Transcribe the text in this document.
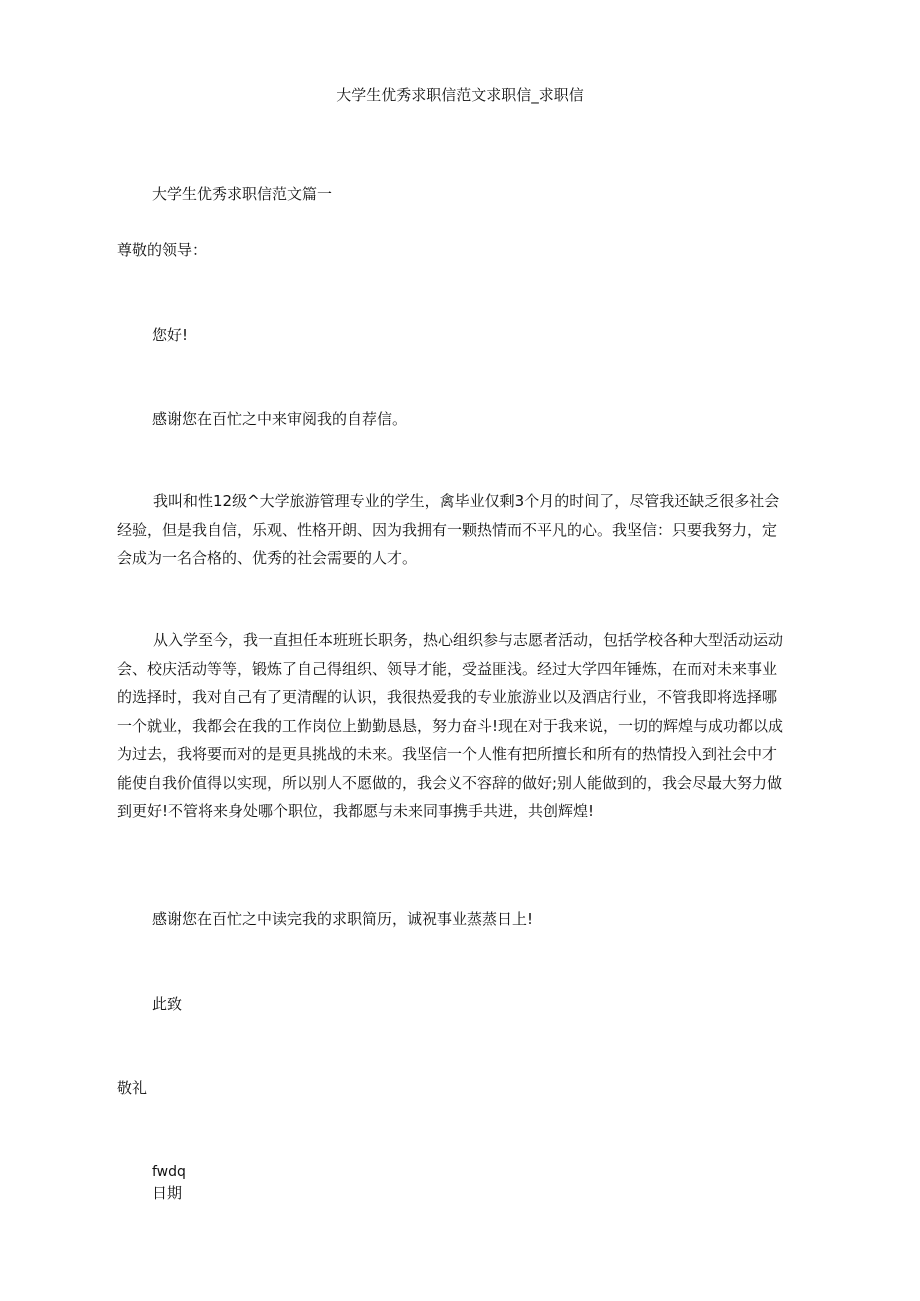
大学生优秀求职信范文求职信_求职信
大学生优秀求职信范文篇一
尊敬的领导：
您好!
感谢您在百忙之中来审阅我的自荐信。
我叫和性12级^大学旅游管理专业的学生，禽毕业仅剩3个月的时间了，尽管我还缺乏很多社会经验，但是我自信，乐观、性格开朗、因为我拥有一颗热情而不平凡的心。我坚信：只要我努力，定会成为一名合格的、优秀的社会需要的人才。
从入学至今，我一直担任本班班长职务，热心组织参与志愿者活动，包括学校各种大型活动运动会、校庆活动等等，锻炼了自己得组织、领导才能，受益匪浅。经过大学四年锤炼，在而对未来事业的选择时，我对自己有了更清醒的认识，我很热爱我的专业旅游业以及酒店行业，不管我即将选择哪一个就业，我都会在我的工作岗位上勤勤恳恳，努力奋斗!现在对于我来说，一切的辉煌与成功都以成为过去，我将要而对的是更具挑战的未来。我坚信一个人惟有把所擅长和所有的热情投入到社会中才能使自我价值得以实现，所以别人不愿做的，我会义不容辞的做好;别人能做到的，我会尽最大努力做到更好!不管将来身处哪个职位，我都愿与未来同事携手共进，共创辉煌!
感谢您在百忙之中读完我的求职简历，诚祝事业蒸蒸日上!
此致
敬礼
fwdq
日期
